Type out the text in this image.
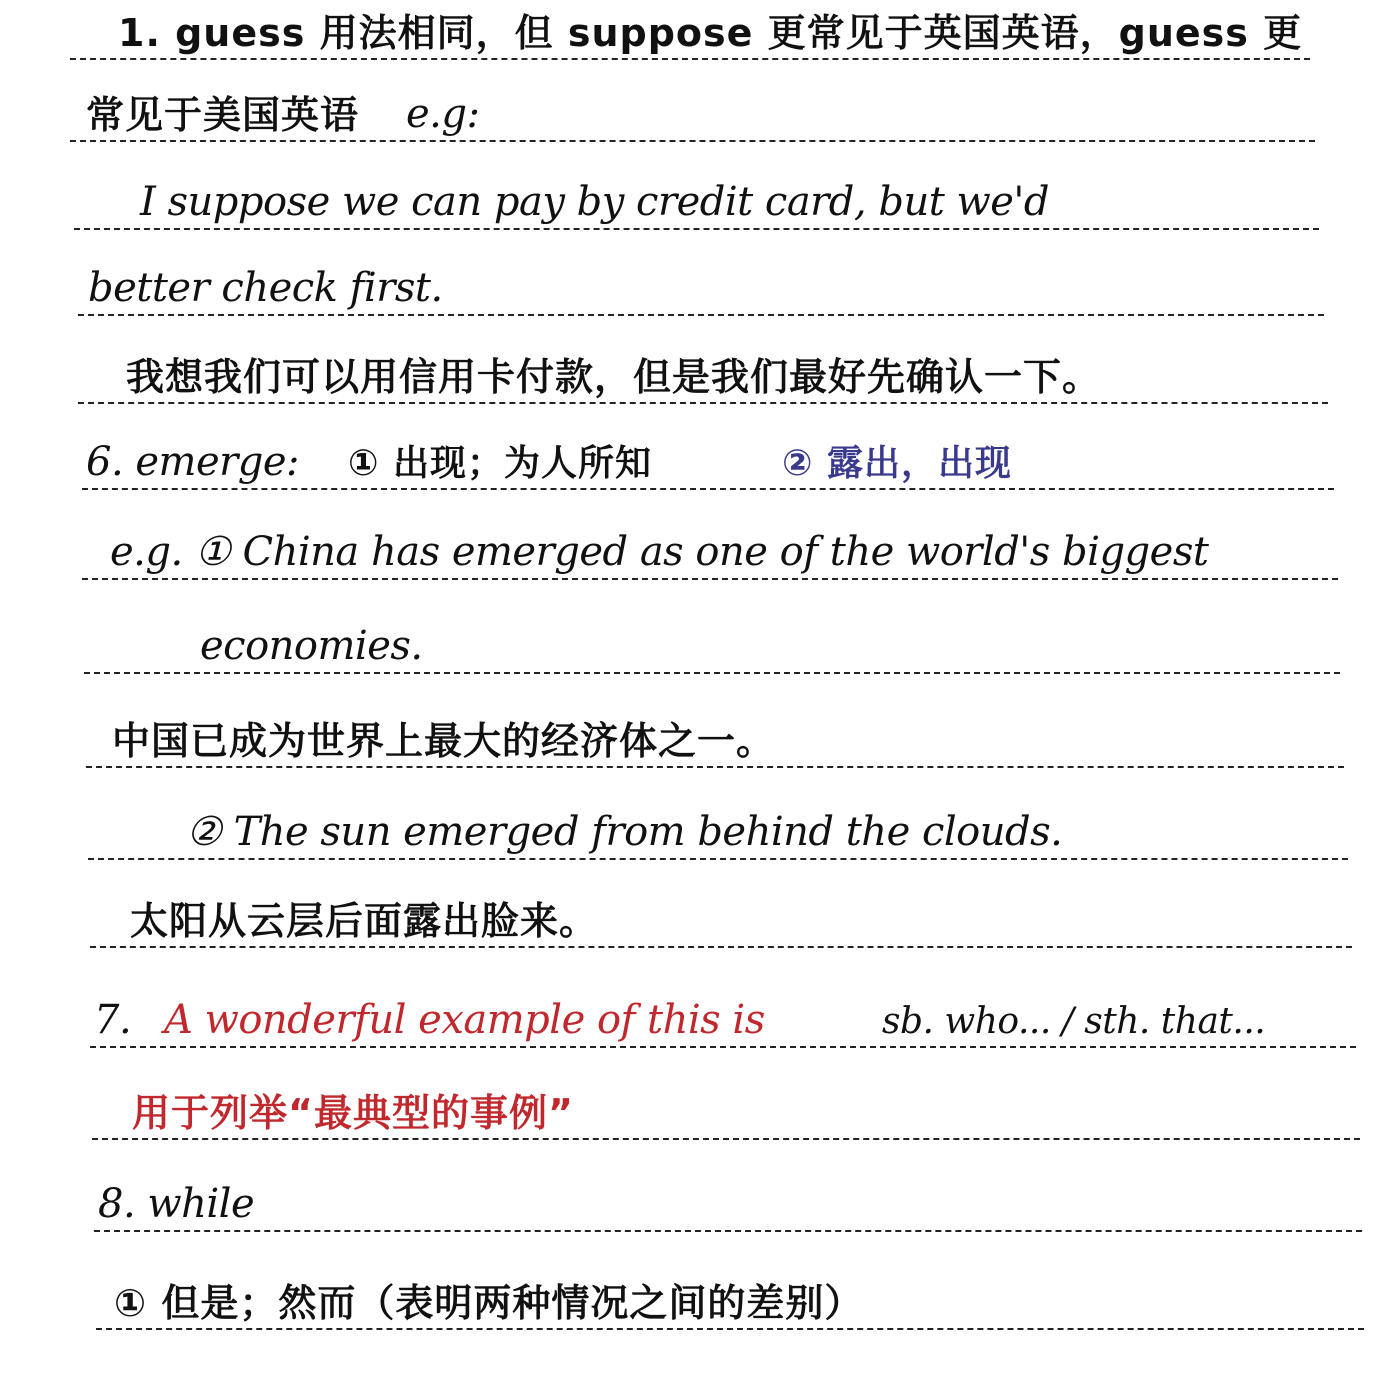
1. guess 用法相同，但 suppose 更常见于英国英语，guess 更
常见于美国英语 e.g:
I suppose we can pay by credit card, but we'd
better check first.
我想我们可以用信用卡付款，但是我们最好先确认一下。
6. emerge: ① 出现；为人所知	② 露出，出现
e.g. ① China has emerged as one of the world's biggest
economies.
中国已成为世界上最大的经济体之一。
② The sun emerged from behind the clouds.
太阳从云层后面露出脸来。
7. A wonderful example of this is	sb. who... / sth. that...
用于列举“最典型的事例”
8. while
① 但是；然而（表明两种情况之间的差别）
